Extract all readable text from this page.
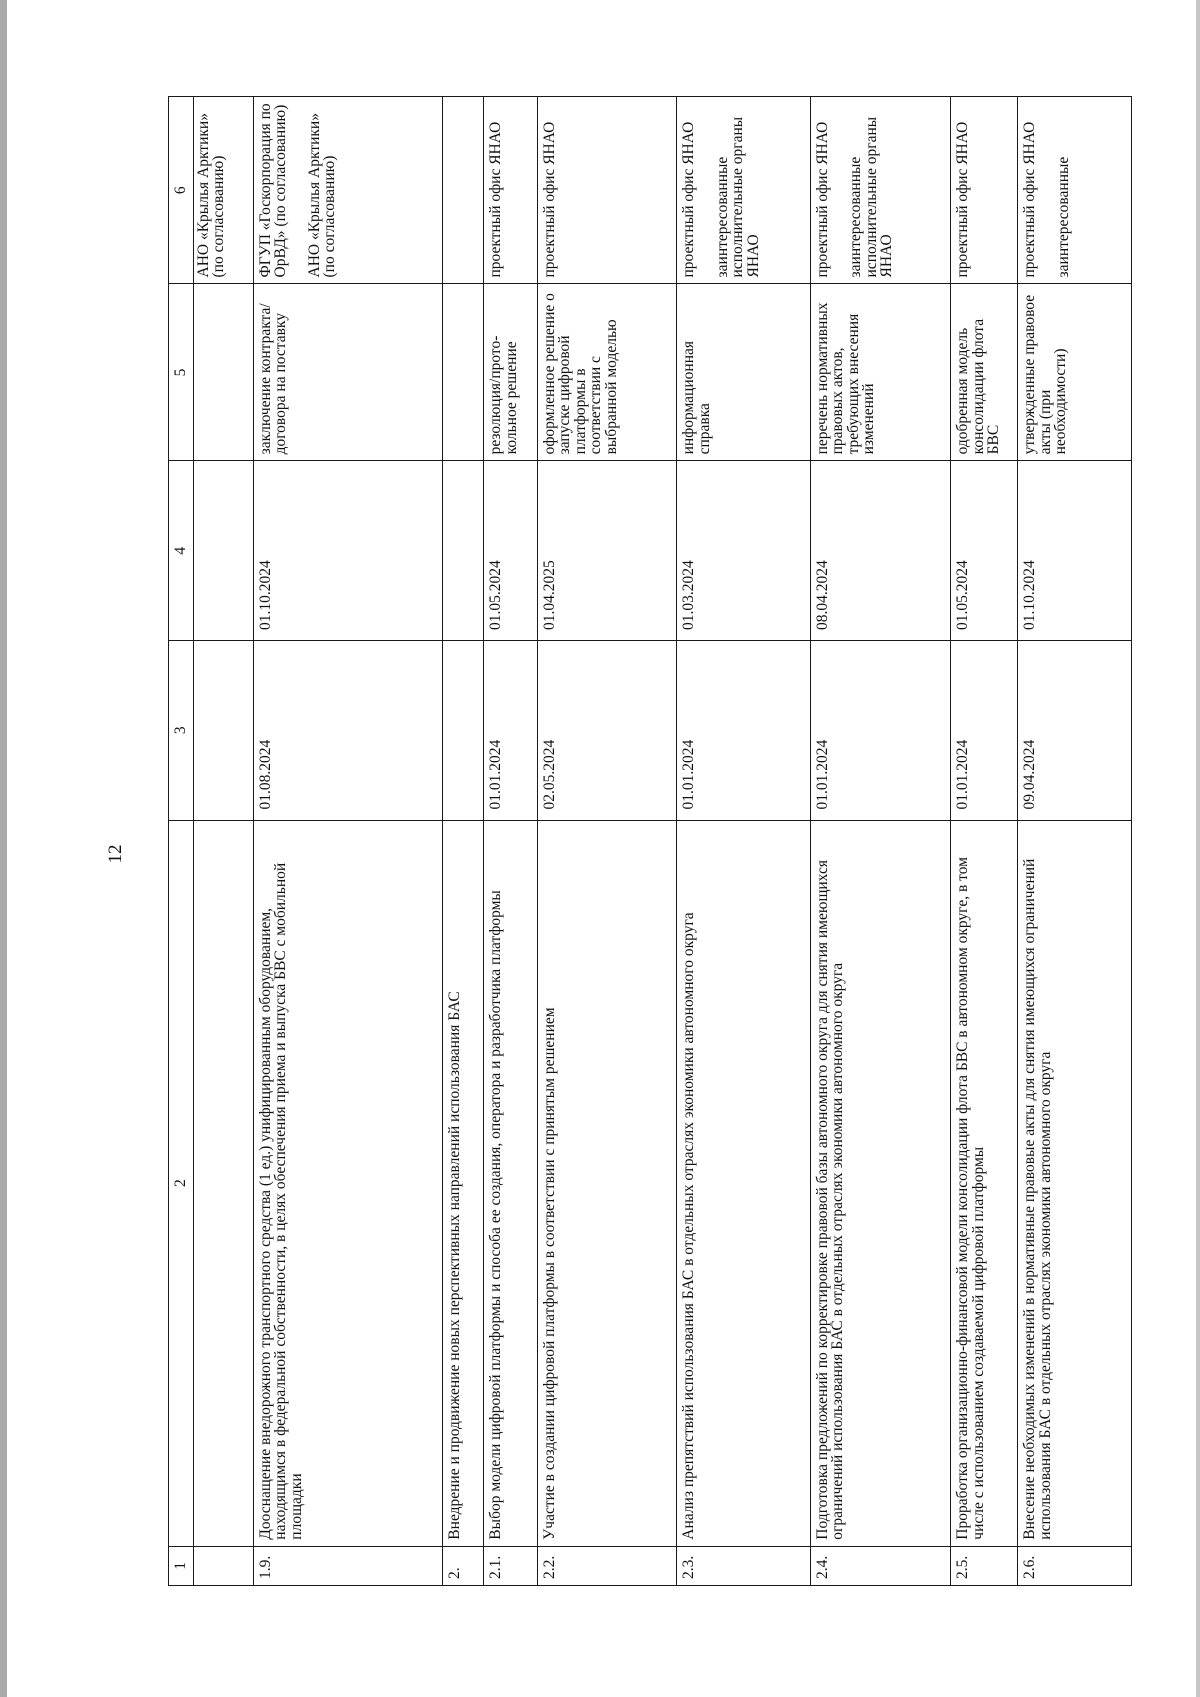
12
1	2	3	4	5	6
					АНО «Крылья Арктики» (по согласованию)
1.9.	Дооснащение внедорожного транспортного средства (1 ед.) унифицированным оборудованием, находящимся в федеральной собственности, в целях обеспечения приема и выпуска БВС с мобильной площадки	01.08.2024	01.10.2024	заключение контракта/договора на поставку	ФГУП «Госкорпорация по ОрВД» (по согласованию) АНО «Крылья Арктики» (по согласованию)
2.	Внедрение и продвижение новых перспективных направлений использования БАС				
2.1.	Выбор модели цифровой платформы и способа ее создания, оператора и разработчика платформы	01.01.2024	01.05.2024	резолюция/прото-кольное решение	проектный офис ЯНАО
2.2.	Участие в создании цифровой платформы в соответствии с принятым решением	02.05.2024	01.04.2025	оформленное решение о запуске цифровой платформы в соответствии с выбранной моделью	проектный офис ЯНАО
2.3.	Анализ препятствий использования БАС в отдельных отраслях экономики автономного округа	01.01.2024	01.03.2024	информационная справка	проектный офис ЯНАО заинтересованные исполнительные органы ЯНАО
2.4.	Подготовка предложений по корректировке правовой базы автономного округа для снятия имеющихся ограничений использования БАС в отдельных отраслях экономики автономного округа	01.01.2024	08.04.2024	перечень нормативных правовых актов, требующих внесения изменений	проектный офис ЯНАО заинтересованные исполнительные органы ЯНАО
2.5.	Проработка организационно-финансовой модели консолидации флота БВС в автономном округе, в том числе с использованием создаваемой цифровой платформы	01.01.2024	01.05.2024	одобренная модель консолидации флота БВС	проектный офис ЯНАО
2.6.	Внесение необходимых изменений в нормативные правовые акты для снятия имеющихся ограничений использования БАС в отдельных отраслях экономики автономного округа	09.04.2024	01.10.2024	утвержденные правовое акты (при необходимости)	проектный офис ЯНАО заинтересованные
